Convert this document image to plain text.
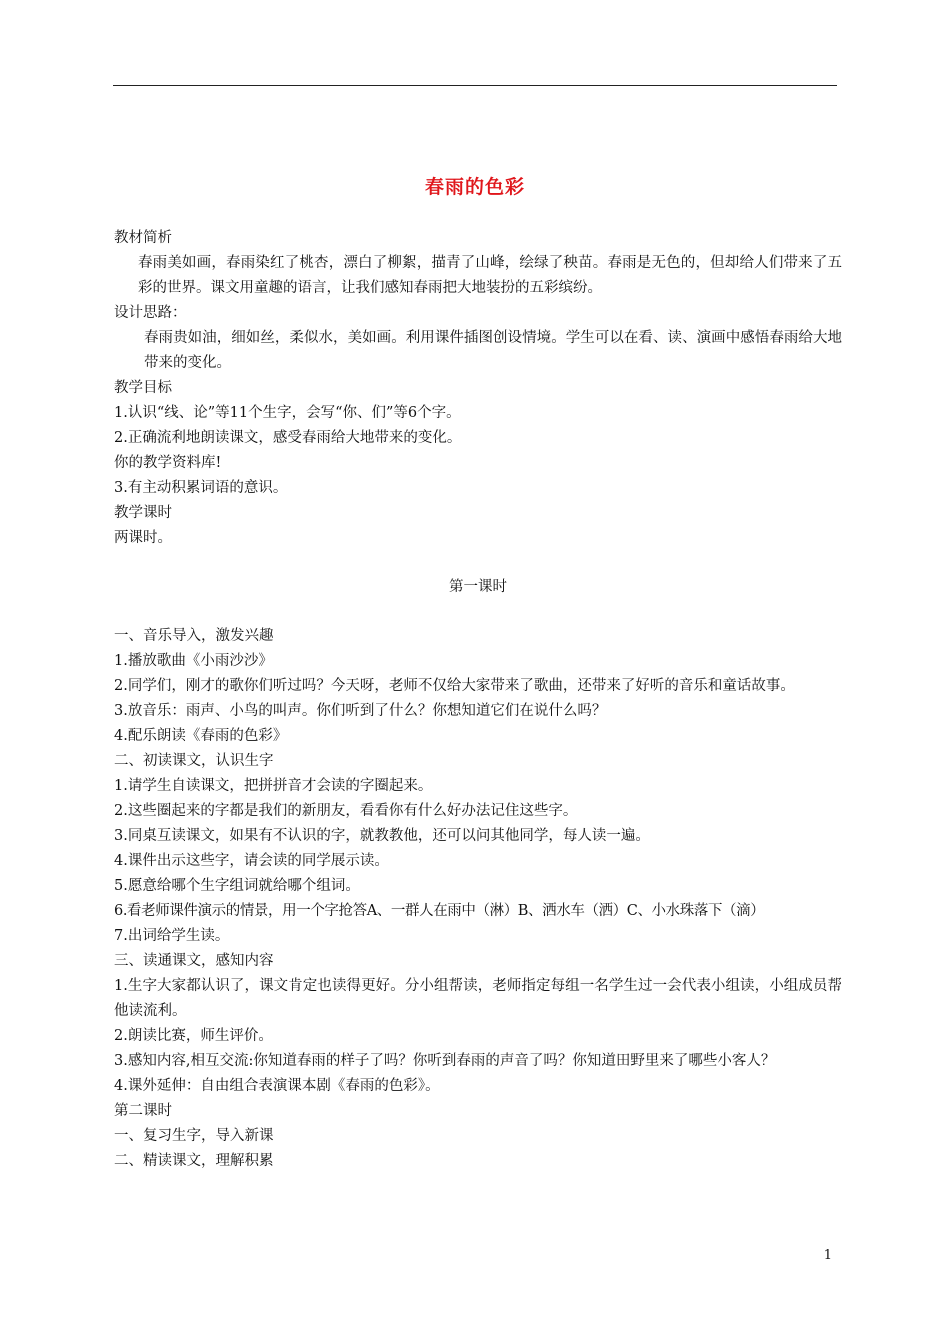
春雨的色彩

教材简析

春雨美如画，春雨染红了桃杏，漂白了柳絮，描青了山峰，绘绿了秧苗。春雨是无色的，但却给人们带来了五彩的世界。课文用童趣的语言，让我们感知春雨把大地装扮的五彩缤纷。

设计思路：

春雨贵如油，细如丝，柔似水，美如画。利用课件插图创设情境。学生可以在看、读、演画中感悟春雨给大地带来的变化。

教学目标

1.认识“线、论”等11个生字，会写“你、们”等6个字。

2.正确流利地朗读课文，感受春雨给大地带来的变化。

你的教学资料库!

3.有主动积累词语的意识。

教学课时

两课时。

第一课时

一、音乐导入，激发兴趣

1.播放歌曲《小雨沙沙》

2.同学们，刚才的歌你们听过吗？今天呀，老师不仅给大家带来了歌曲，还带来了好听的音乐和童话故事。

3.放音乐：雨声、小鸟的叫声。你们听到了什么？你想知道它们在说什么吗？

4.配乐朗读《春雨的色彩》

二、初读课文，认识生字

1.请学生自读课文，把拼拼音才会读的字圈起来。

2.这些圈起来的字都是我们的新朋友，看看你有什么好办法记住这些字。

3.同桌互读课文，如果有不认识的字，就教教他，还可以问其他同学，每人读一遍。

4.课件出示这些字，请会读的同学展示读。

5.愿意给哪个生字组词就给哪个组词。

6.看老师课件演示的情景，用一个字抢答A、一群人在雨中（淋）B、洒水车（洒）C、小水珠落下（滴）

7.出词给学生读。

三、读通课文，感知内容

1.生字大家都认识了，课文肯定也读得更好。分小组帮读，老师指定每组一名学生过一会代表小组读，小组成员帮他读流利。

2.朗读比赛，师生评价。

3.感知内容,相互交流:你知道春雨的样子了吗？你听到春雨的声音了吗？你知道田野里来了哪些小客人？

4.课外延伸：自由组合表演课本剧《春雨的色彩》。

第二课时

一、复习生字，导入新课

二、精读课文，理解积累

1
